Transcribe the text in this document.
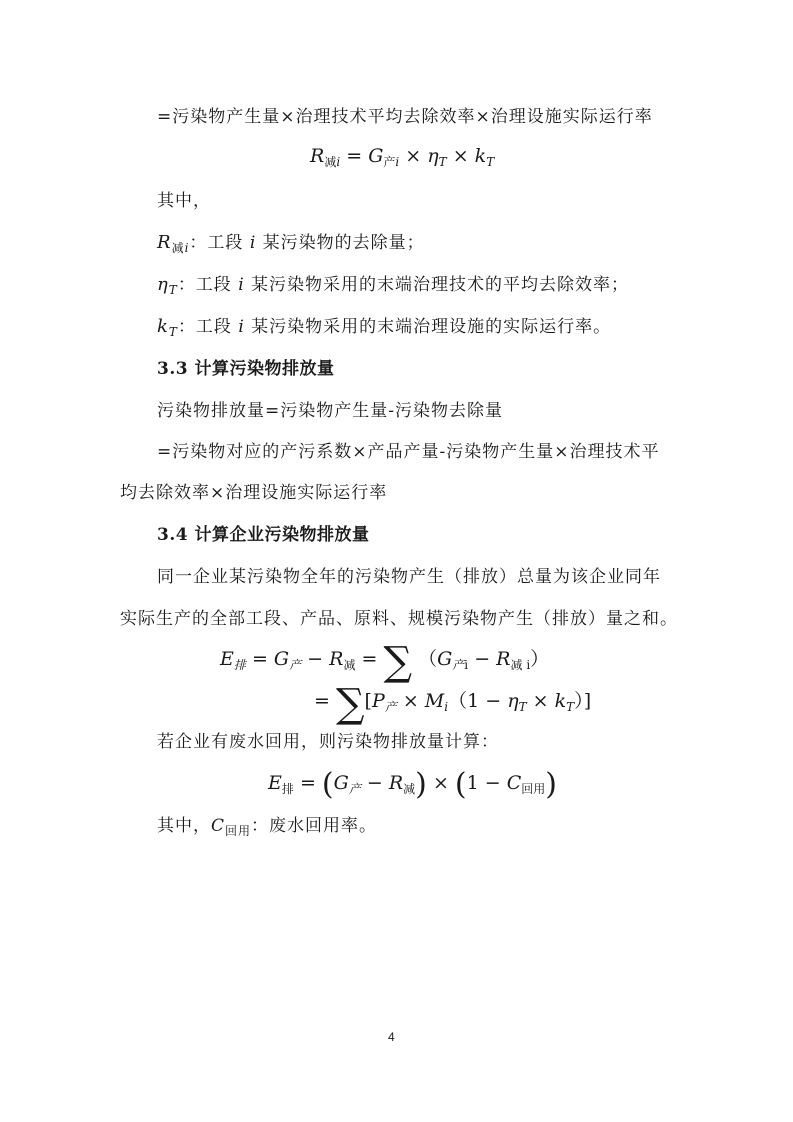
=污染物产生量×治理技术平均去除效率×治理设施实际运行率
$R_{减i} = G_{产i} \times \eta_T \times k_T$
其中，
$R_{减i}$：工段 i 某污染物的去除量；
$\eta_T$：工段 i 某污染物采用的末端治理技术的平均去除效率；
$k_T$：工段 i 某污染物采用的末端治理设施的实际运行率。
3.3 计算污染物排放量
污染物排放量=污染物产生量-污染物去除量
=污染物对应的产污系数×产品产量-污染物产生量×治理技术平
均去除效率×治理设施实际运行率
3.4 计算企业污染物排放量
同一企业某污染物全年的污染物产生（排放）总量为该企业同年
实际生产的全部工段、产品、原料、规模污染物产生（排放）量之和。
$E_排 = G_产 - R_减$ = ∑ $(G_{产i} - R_{减 i})$
= $\sum[P_产 \times M_i(1 - \eta_T \times k_T)]$
若企业有废水回用，则污染物排放量计算：
$E_排 = (G_产 - R_减) \times (1 - C_{回用})$
其中，$C_{回用}$：废水回用率。
4
